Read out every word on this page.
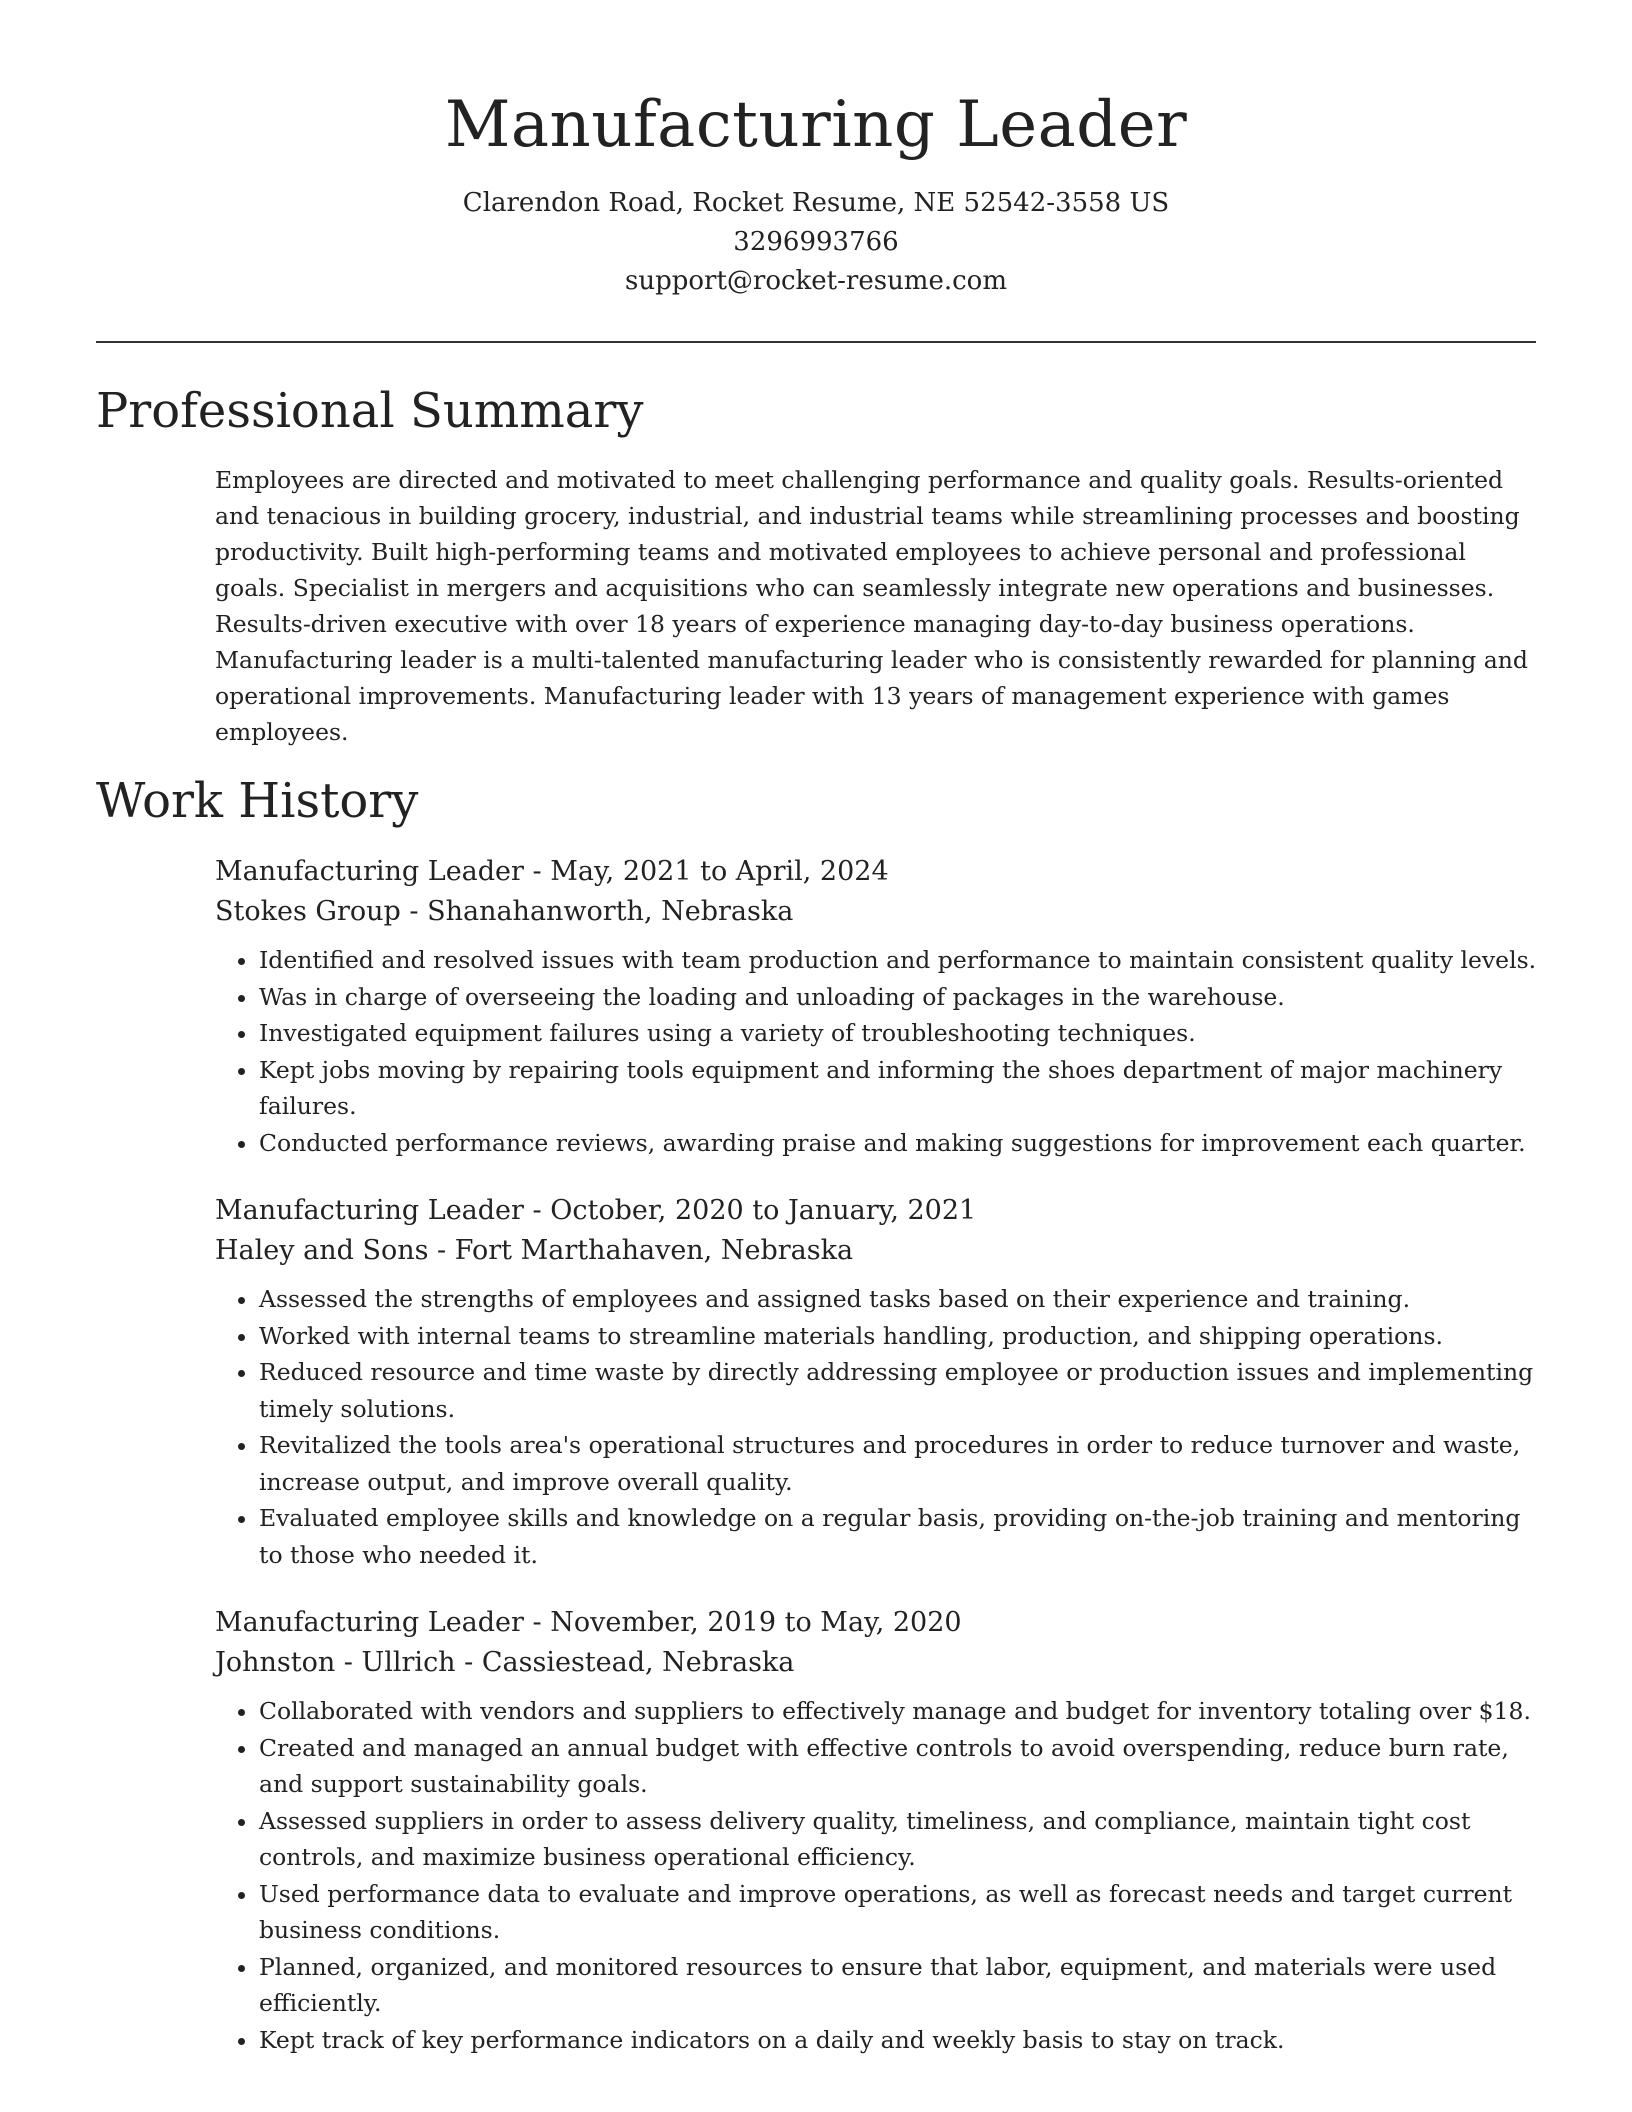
Manufacturing Leader

Clarendon Road, Rocket Resume, NE 52542-3558 US

3296993766

support@rocket-resume.com

Professional Summary

Employees are directed and motivated to meet challenging performance and quality goals. Results-oriented and tenacious in building grocery, industrial, and industrial teams while streamlining processes and boosting productivity. Built high-performing teams and motivated employees to achieve personal and professional goals. Specialist in mergers and acquisitions who can seamlessly integrate new operations and businesses. Results-driven executive with over 18 years of experience managing day-to-day business operations. Manufacturing leader is a multi-talented manufacturing leader who is consistently rewarded for planning and operational improvements. Manufacturing leader with 13 years of management experience with games employees.

Work History

Manufacturing Leader - May, 2021 to April, 2024

Stokes Group - Shanahanworth, Nebraska

• Identified and resolved issues with team production and performance to maintain consistent quality levels.
• Was in charge of overseeing the loading and unloading of packages in the warehouse.
• Investigated equipment failures using a variety of troubleshooting techniques.
• Kept jobs moving by repairing tools equipment and informing the shoes department of major machinery failures.
• Conducted performance reviews, awarding praise and making suggestions for improvement each quarter.

Manufacturing Leader - October, 2020 to January, 2021

Haley and Sons - Fort Marthahaven, Nebraska

• Assessed the strengths of employees and assigned tasks based on their experience and training.
• Worked with internal teams to streamline materials handling, production, and shipping operations.
• Reduced resource and time waste by directly addressing employee or production issues and implementing timely solutions.
• Revitalized the tools area's operational structures and procedures in order to reduce turnover and waste, increase output, and improve overall quality.
• Evaluated employee skills and knowledge on a regular basis, providing on-the-job training and mentoring to those who needed it.

Manufacturing Leader - November, 2019 to May, 2020

Johnston - Ullrich - Cassiestead, Nebraska

• Collaborated with vendors and suppliers to effectively manage and budget for inventory totaling over $18.
• Created and managed an annual budget with effective controls to avoid overspending, reduce burn rate, and support sustainability goals.
• Assessed suppliers in order to assess delivery quality, timeliness, and compliance, maintain tight cost controls, and maximize business operational efficiency.
• Used performance data to evaluate and improve operations, as well as forecast needs and target current business conditions.
• Planned, organized, and monitored resources to ensure that labor, equipment, and materials were used efficiently.
• Kept track of key performance indicators on a daily and weekly basis to stay on track.
